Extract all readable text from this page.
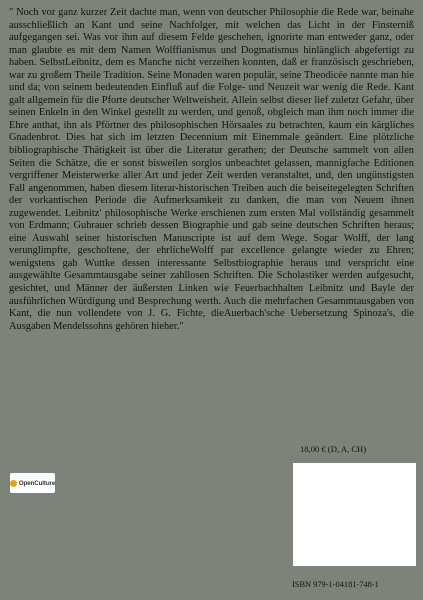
" Noch vor ganz kurzer Zeit dachte man, wenn von deutscher Philosophie die Rede war, beinahe ausschließlich an Kant und seine Nachfolger, mit welchen das Licht in der Finsterniß aufgegangen sei. Was vor ihm auf diesem Felde geschehen, ignorirte man entweder ganz, oder man glaubte es mit dem Namen Wolffianismus und Dogmatismus hinlänglich abgefertigt zu haben. SelbstLeibnitz, dem es Manche nicht verzeihen konnten, daß er französisch geschrieben, war zu großem Theile Tradition. Seine Monaden waren populär, seine Theodicée nannte man hie und da; von seinem bedeutenden Einfluß auf die Folge- und Neuzeit war wenig die Rede. Kant galt allgemein für die Pforte deutscher Weltweisheit. Allein selbst dieser lief zuletzt Gefahr, über seinen Enkeln in den Winkel gestellt zu werden, und genoß, obgleich man ihm noch immer die Ehre anthat, ihn als Pförtner des philosophischen Hörsaales zu betrachten, kaum ein kärgliches Gnadenbrot. Dies hat sich im letzten Decennium mit Einemmale geändert. Eine plötzliche bibliographische Thätigkeit ist über die Literatur gerathen; der Deutsche sammelt von allen Seiten die Schätze, die er sonst bisweilen sorglos unbeachtet gelassen, mannigfache Editionen vergriffener Meisterwerke aller Art und jeder Zeit werden veranstaltet, und, den ungünstigsten Fall angenommen, haben diesem literar-historischen Treiben auch die beiseitegelegten Schriften der vorkantischen Periode die Aufmerksamkeit zu danken, die man von Neuem ihnen zugewendet. Leibnitz' philosophische Werke erschienen zum ersten Mal vollständig gesammelt von Erdmann; Guhrauer schrieb dessen Biographie und gab seine deutschen Schriften heraus; eine Auswahl seiner historischen Manuscripte ist auf dem Wege. Sogar Wolff, der lang verunglimpfte, gescholtene, der ehrlicheWolff par excellence gelangte wieder zu Ehren; wenigstens gab Wuttke dessen interessante Selbstbiographie heraus und verspricht eine ausgewählte Gesammtausgabe seiner zahllosen Schriften. Die Scholastiker werden aufgesucht, gesichtet, und Männer der äußersten Linken wie Feuerbachhalten Leibnitz und Bayle der ausführlichen Würdigung und Besprechung werth. Auch die mehrfachen Gesammtausgaben von Kant, die nun vollendete von J. G. Fichte, dieAuerbach'sche Uebersetzung Spinoza's, die Ausgaben Mendelssohns gehören hieher."

OpenCulture
18,00 € (D, A, CH)
ISBN 979-1-04181-748-1
